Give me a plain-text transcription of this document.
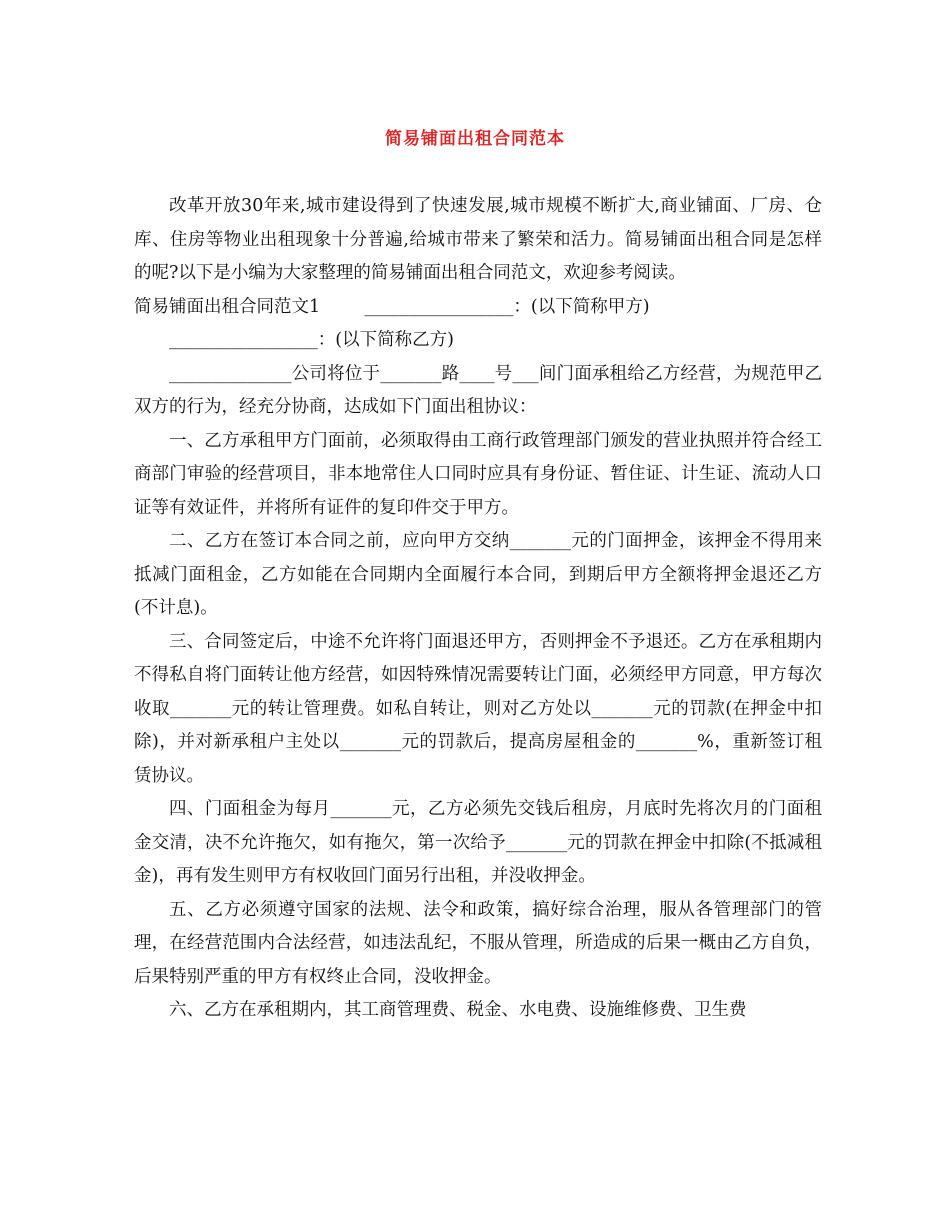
简易铺面出租合同范本

改革开放30年来,城市建设得到了快速发展,城市规模不断扩大,商业铺面、厂房、仓库、住房等物业出租现象十分普遍,给城市带来了繁荣和活力。简易铺面出租合同是怎样的呢?以下是小编为大家整理的简易铺面出租合同范文，欢迎参考阅读。

简易铺面出租合同范文1        _________________：(以下简称甲方)

_________________：(以下简称乙方)

______________公司将位于_______路____号___间门面承租给乙方经营，为规范甲乙双方的行为，经充分协商，达成如下门面出租协议：

一、乙方承租甲方门面前，必须取得由工商行政管理部门颁发的营业执照并符合经工商部门审验的经营项目，非本地常住人口同时应具有身份证、暂住证、计生证、流动人口证等有效证件，并将所有证件的复印件交于甲方。

二、乙方在签订本合同之前，应向甲方交纳_______元的门面押金，该押金不得用来抵减门面租金，乙方如能在合同期内全面履行本合同，到期后甲方全额将押金退还乙方(不计息)。

三、合同签定后，中途不允许将门面退还甲方，否则押金不予退还。乙方在承租期内不得私自将门面转让他方经营，如因特殊情况需要转让门面，必须经甲方同意，甲方每次收取_______元的转让管理费。如私自转让，则对乙方处以_______元的罚款(在押金中扣除)，并对新承租户主处以_______元的罚款后，提高房屋租金的_______%，重新签订租赁协议。

四、门面租金为每月_______元，乙方必须先交钱后租房，月底时先将次月的门面租金交清，决不允许拖欠，如有拖欠，第一次给予_______元的罚款在押金中扣除(不抵减租金)，再有发生则甲方有权收回门面另行出租，并没收押金。

五、乙方必须遵守国家的法规、法令和政策，搞好综合治理，服从各管理部门的管理，在经营范围内合法经营，如违法乱纪，不服从管理，所造成的后果一概由乙方自负，后果特别严重的甲方有权终止合同，没收押金。

六、乙方在承租期内，其工商管理费、税金、水电费、设施维修费、卫生费
